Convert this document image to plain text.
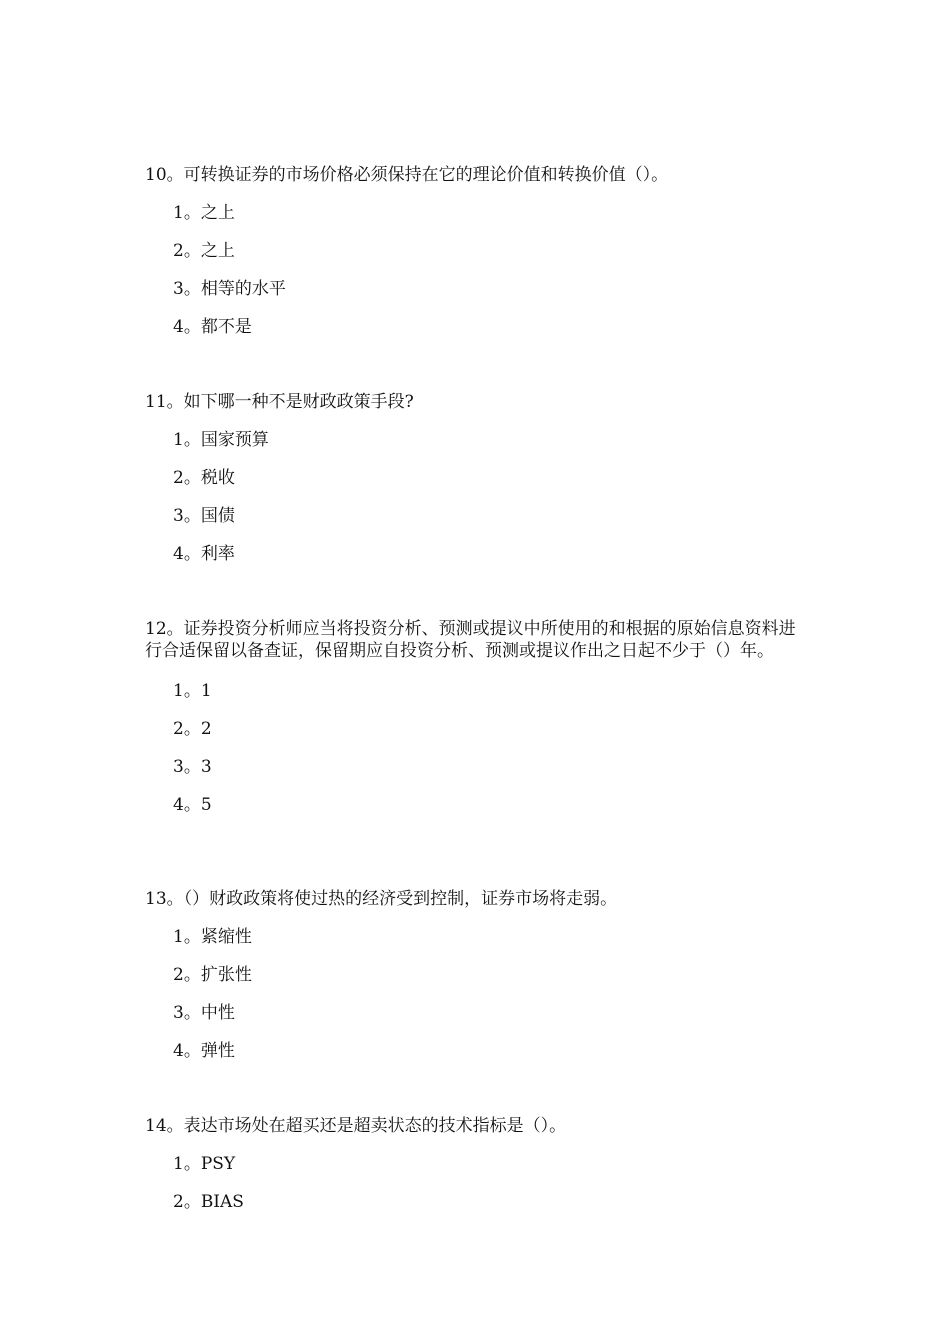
10。可转换证券的市场价格必须保持在它的理论价值和转换价值（）。

1。之上
2。之上
3。相等的水平
4。都不是

11。如下哪一种不是财政政策手段?

1。国家预算
2。税收
3。国债
4。利率

12。证券投资分析师应当将投资分析、预测或提议中所使用的和根据的原始信息资料进行合适保留以备查证，保留期应自投资分析、预测或提议作出之日起不少于（）年。

1。1
2。2
3。3
4。5

13。（）财政政策将使过热的经济受到控制，证券市场将走弱。

1。紧缩性
2。扩张性
3。中性
4。弹性

14。表达市场处在超买还是超卖状态的技术指标是（）。

1。PSY
2。BIAS
